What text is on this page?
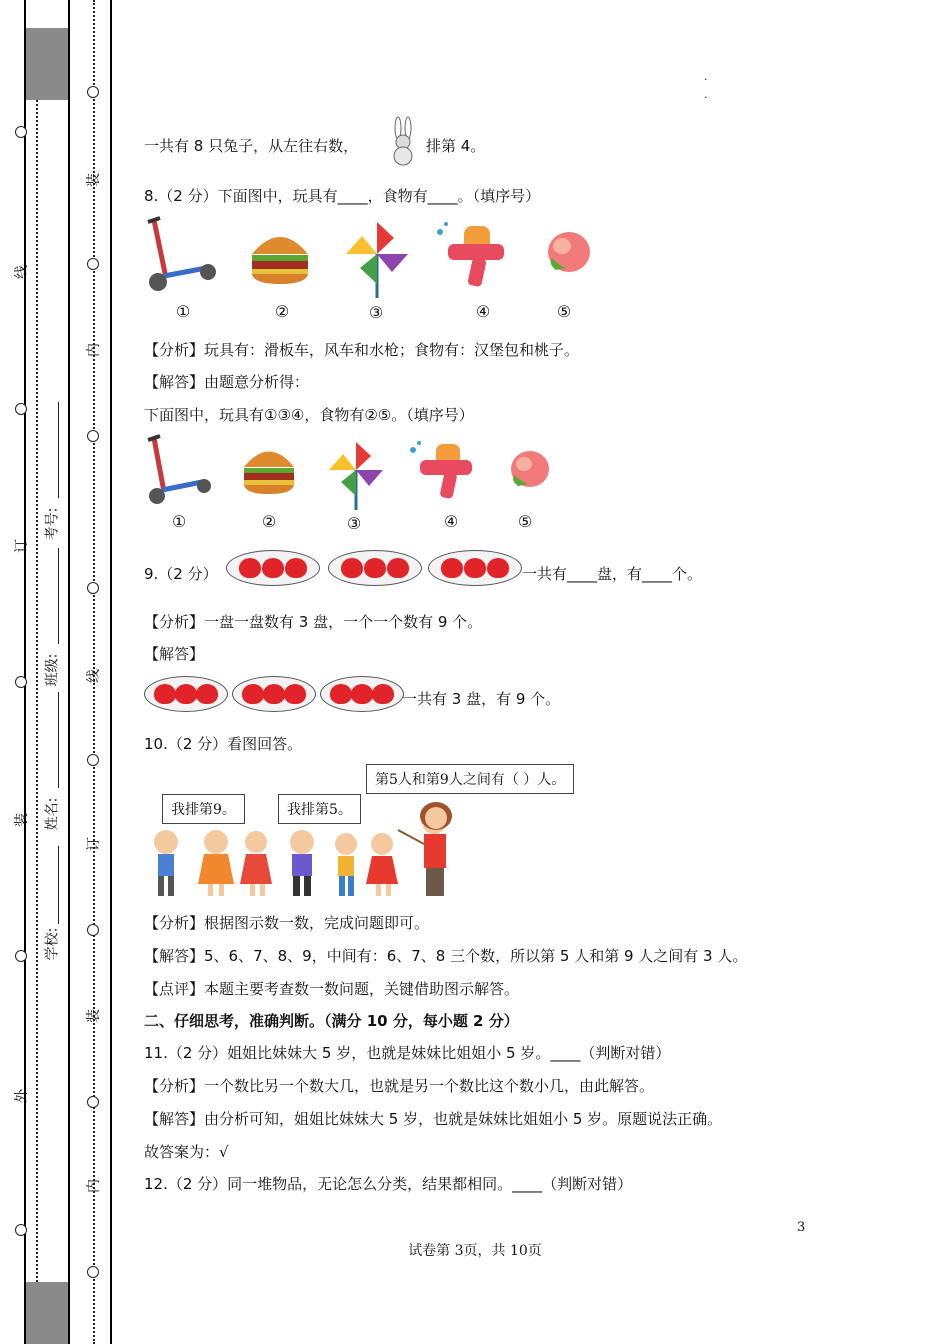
线
订
装
外
装
内
线
订
装
内
考号:
班级:
姓名:
学校:
.
.
一共有 8 只兔子，从左往右数，	排第 4。
8.（2 分）下面图中，玩具有____，食物有____。（填序号）
①	②	③	④	⑤
【分析】玩具有：滑板车，风车和水枪；食物有：汉堡包和桃子。
【解答】由题意分析得：
下面图中，玩具有①③④，食物有②⑤。（填序号）
①	②	③	④	⑤
9.（2 分）	一共有____盘，有____个。
【分析】一盘一盘数有 3 盘，一个一个数有 9 个。
【解答】
一共有 3 盘，有 9 个。
10.（2 分）看图回答。
第5人和第9人之间有（ ）人。
我排第9。	我排第5。
【分析】根据图示数一数，完成问题即可。
【解答】5、6、7、8、9，中间有：6、7、8 三个数，所以第 5 人和第 9 人之间有 3 人。
【点评】本题主要考查数一数问题，关键借助图示解答。
二、仔细思考，准确判断。（满分 10 分，每小题 2 分）
11.（2 分）姐姐比妹妹大 5 岁，也就是妹妹比姐姐小 5 岁。____（判断对错）
【分析】一个数比另一个数大几，也就是另一个数比这个数小几，由此解答。
【解答】由分析可知，姐姐比妹妹大 5 岁，也就是妹妹比姐姐小 5 岁。原题说法正确。
故答案为：√
12.（2 分）同一堆物品，无论怎么分类，结果都相同。____（判断对错）
3
试卷第 3页，共 10页
